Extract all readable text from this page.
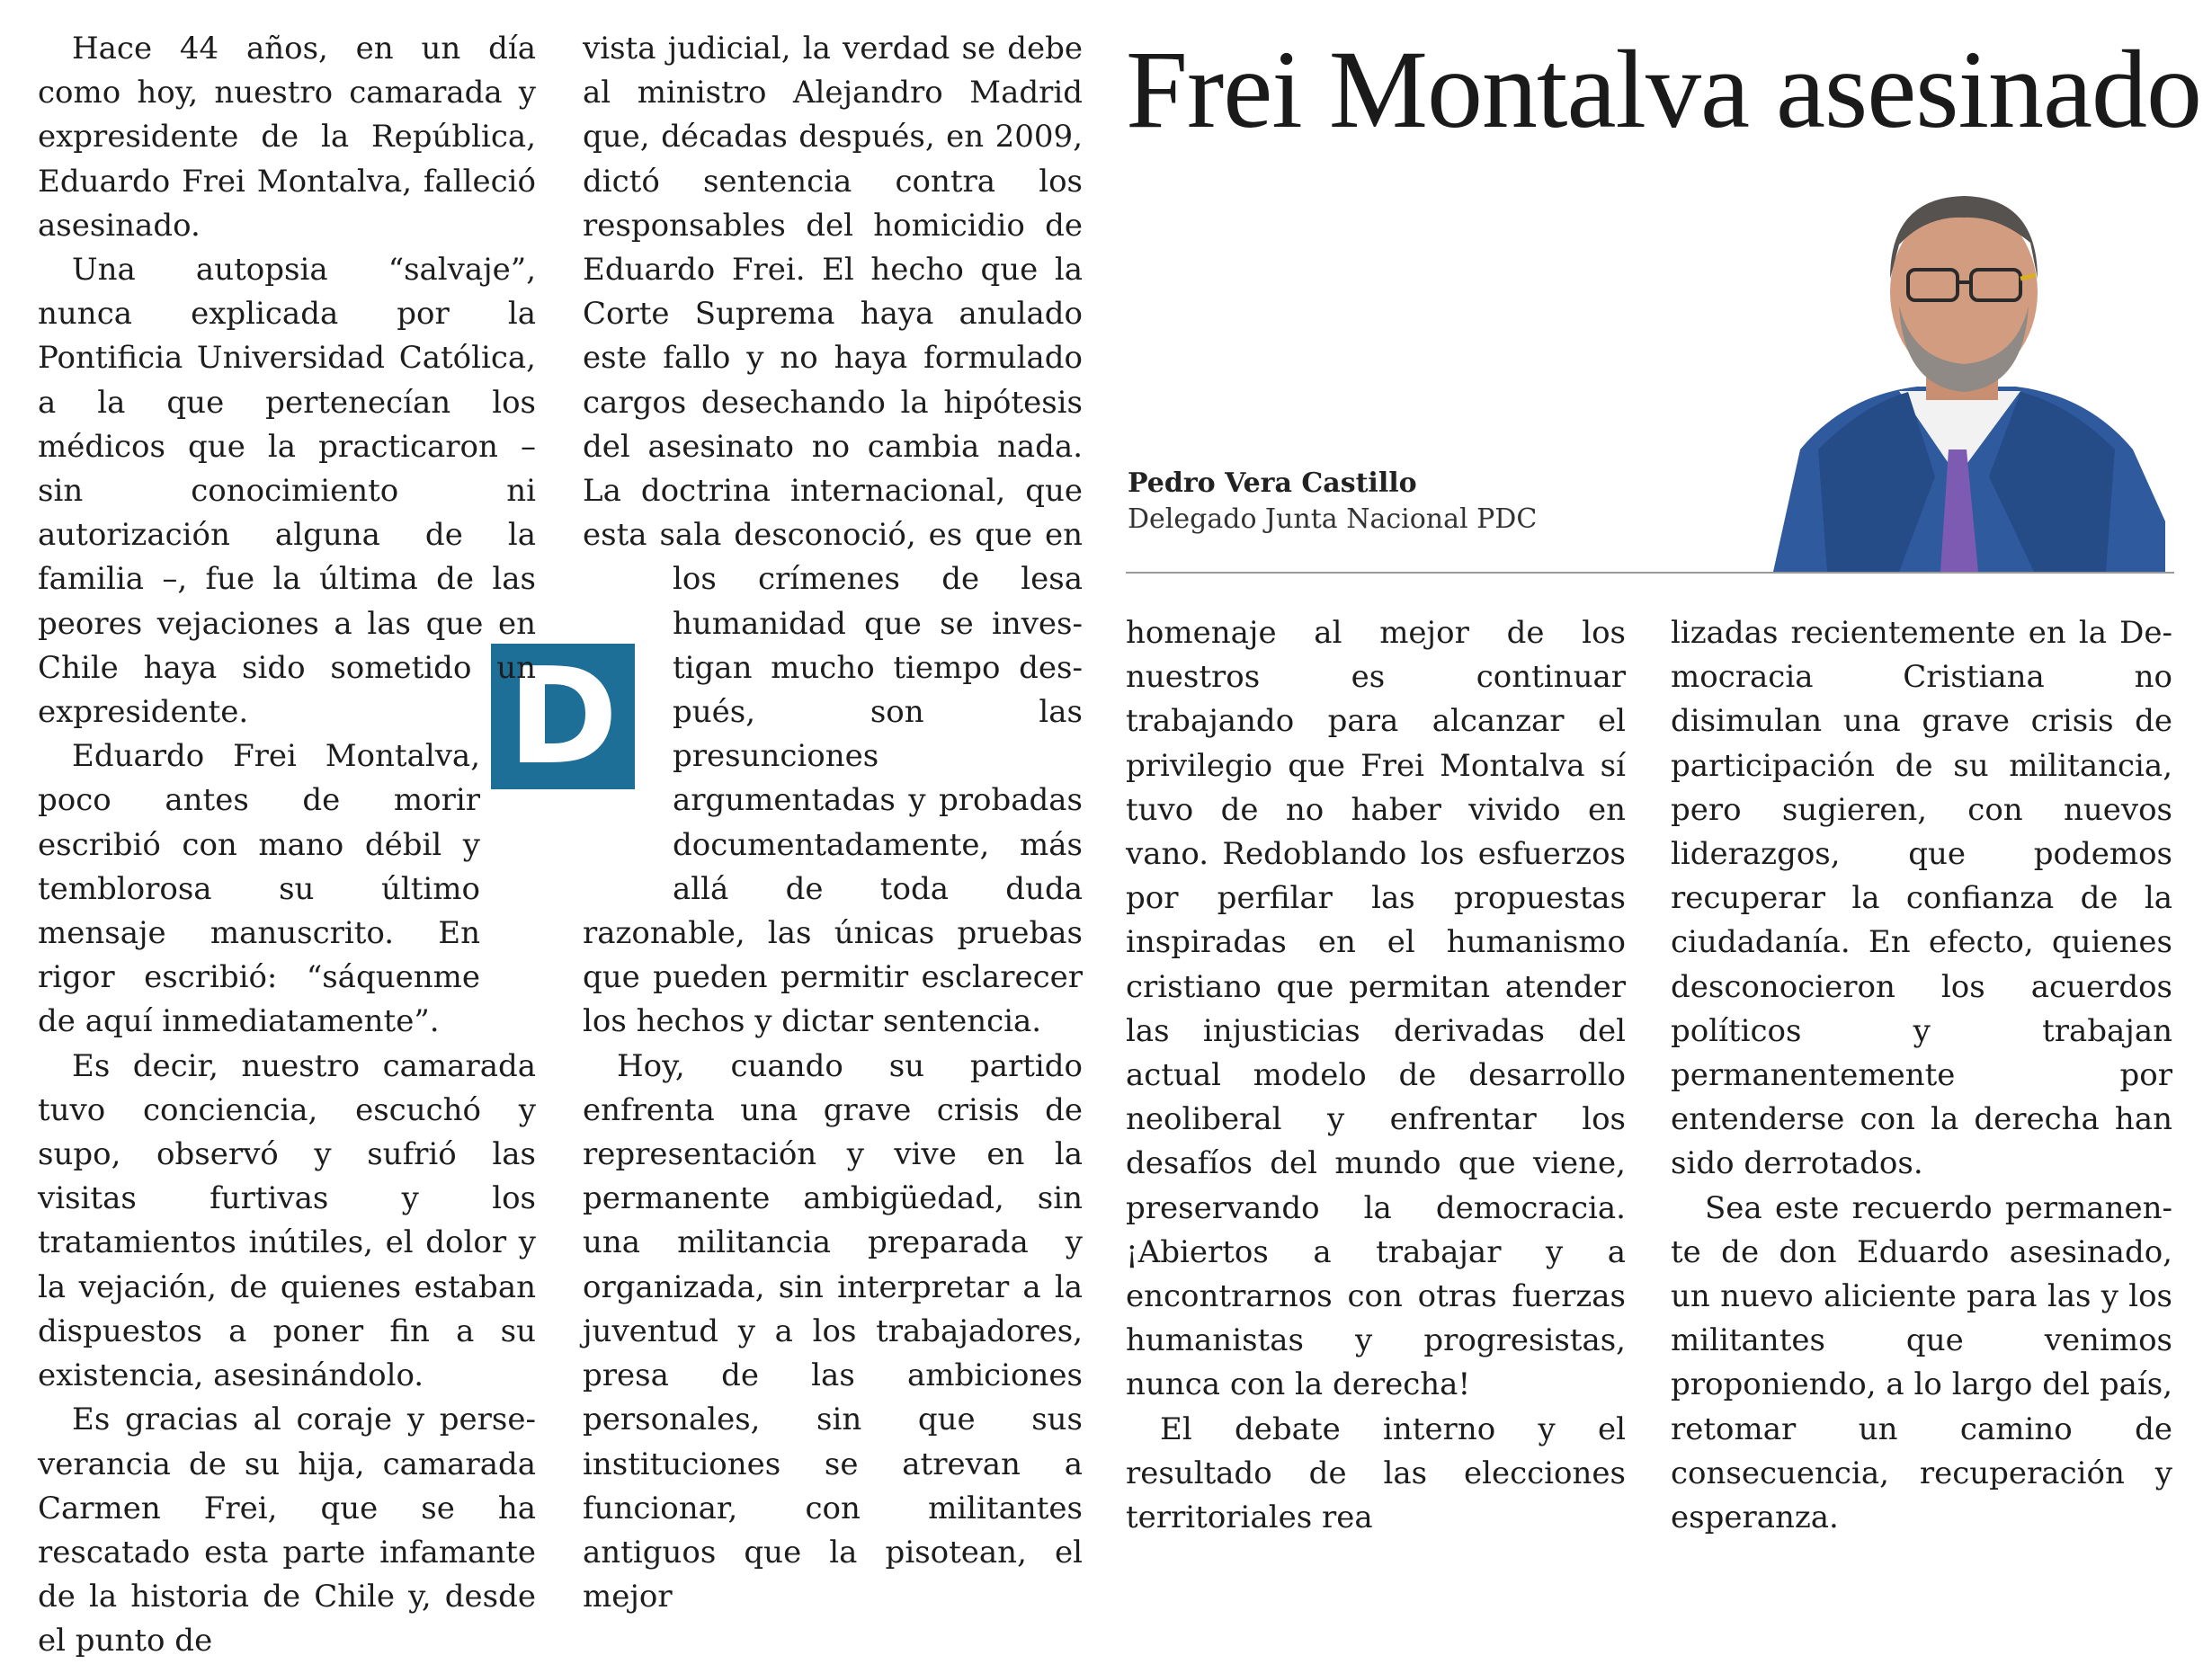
Frei Montalva asesinado
Pedro Vera Castillo
Delegado Junta Nacional PDC
D

Hace 44 años, en un día como hoy, nuestro camarada y expresidente de la República, Eduardo Frei Montalva, falleció asesinado.

Una autopsia “salvaje”, nunca explicada por la Pontificia Universidad Católica, a la que pertenecían los médicos que la practicaron – sin conocimiento ni autorización alguna de la familia –, fue la última de las peores vejaciones a las que en Chile haya sido sometido un expresidente.

Eduardo Frei Montalva, poco antes de morir escribió con mano débil y temblorosa su último mensaje manuscrito. En rigor escribió: “sáquenme de aquí inmediatamente”.

Es decir, nuestro camarada tuvo conciencia, escuchó y supo, observó y sufrió las visitas furtivas y los tratamientos inútiles, el dolor y la vejación, de quienes estaban dispuestos a poner fin a su existencia, asesinándolo.

Es gracias al coraje y perseverancia de su hija, camarada Carmen Frei, que se ha rescatado esta parte infamante de la historia de Chile y, desde el punto de

vista judicial, la verdad se debe al ministro Alejandro Madrid que, décadas después, en 2009, dictó sentencia contra los responsables del homicidio de Eduardo Frei. El hecho que la Corte Suprema haya anulado este fallo y no haya formulado cargos desechando la hipótesis del asesinato no cambia nada. La doctrina internacional, que esta sala desconoció, es que en los crímenes de lesa humanidad que se investigan mucho tiempo después, son las presunciones argumentadas y probadas documentadamente, más allá de toda duda razonable, las únicas pruebas que pueden permitir esclarecer los hechos y dictar sentencia.

Hoy, cuando su partido enfrenta una grave crisis de representación y vive en la permanente ambigüedad, sin una militancia preparada y organizada, sin interpretar a la juventud y a los trabajadores, presa de las ambiciones personales, sin que sus instituciones se atrevan a funcionar, con militantes antiguos que la pisotean, el mejor

homenaje al mejor de los nuestros es continuar trabajando para alcanzar el privilegio que Frei Montalva sí tuvo de no haber vivido en vano. Redoblando los esfuerzos por perfilar las propuestas inspiradas en el humanismo cristiano que permitan atender las injusticias derivadas del actual modelo de desarrollo neoliberal y enfrentar los desafíos del mundo que viene, preservando la democracia. ¡Abiertos a trabajar y a encontrarnos con otras fuerzas humanistas y progresistas, nunca con la derecha!

El debate interno y el resultado de las elecciones territoriales rea

lizadas recientemente en la Democracia Cristiana no disimulan una grave crisis de participación de su militancia, pero sugieren, con nuevos liderazgos, que podemos recuperar la confianza de la ciudadanía. En efecto, quienes desconocieron los acuerdos políticos y trabajan permanentemente por entenderse con la derecha han sido derrotados.

Sea este recuerdo permanente de don Eduardo asesinado, un nuevo aliciente para las y los militantes que venimos proponiendo, a lo largo del país, retomar un camino de consecuencia, recuperación y esperanza.
